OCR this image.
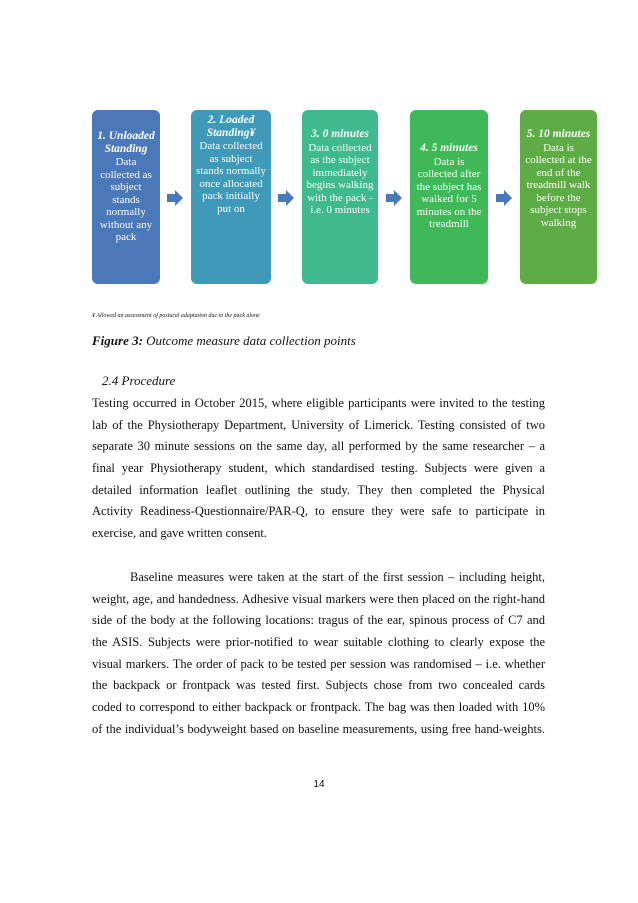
1. Unloaded Standing
Data collected as subject stands normally without any pack
2. Loaded Standing¥
Data collected as subject stands normally once allocated pack initially put on
3. 0 minutes
Data collected as the subject immediately begins walking with the pack - i.e. 0 minutes
4. 5 minutes
Data is collected after the subject has walked for 5 minutes on the treadmill
5. 10 minutes
Data is collected at the end of the treadmill walk before the subject stops walking
¥ Allowed an assessment of postural adaptation due to the pack alone
Figure 3: Outcome measure data collection points
2.4 Procedure
Testing occurred in October 2015, where eligible participants were invited to the testing
lab of the Physiotherapy Department, University of Limerick. Testing consisted of two
separate 30 minute sessions on the same day, all performed by the same researcher – a
final year Physiotherapy student, which standardised testing. Subjects were given a
detailed information leaflet outlining the study. They then completed the Physical
Activity Readiness-Questionnaire/PAR-Q, to ensure they were safe to participate in
exercise, and gave written consent.
Baseline measures were taken at the start of the first session – including height,
weight, age, and handedness. Adhesive visual markers were then placed on the right-hand
side of the body at the following locations: tragus of the ear, spinous process of C7 and
the ASIS. Subjects were prior-notified to wear suitable clothing to clearly expose the
visual markers. The order of pack to be tested per session was randomised – i.e. whether
the backpack or frontpack was tested first. Subjects chose from two concealed cards
coded to correspond to either backpack or frontpack. The bag was then loaded with 10%
of the individual’s bodyweight based on baseline measurements, using free hand-weights.
14
